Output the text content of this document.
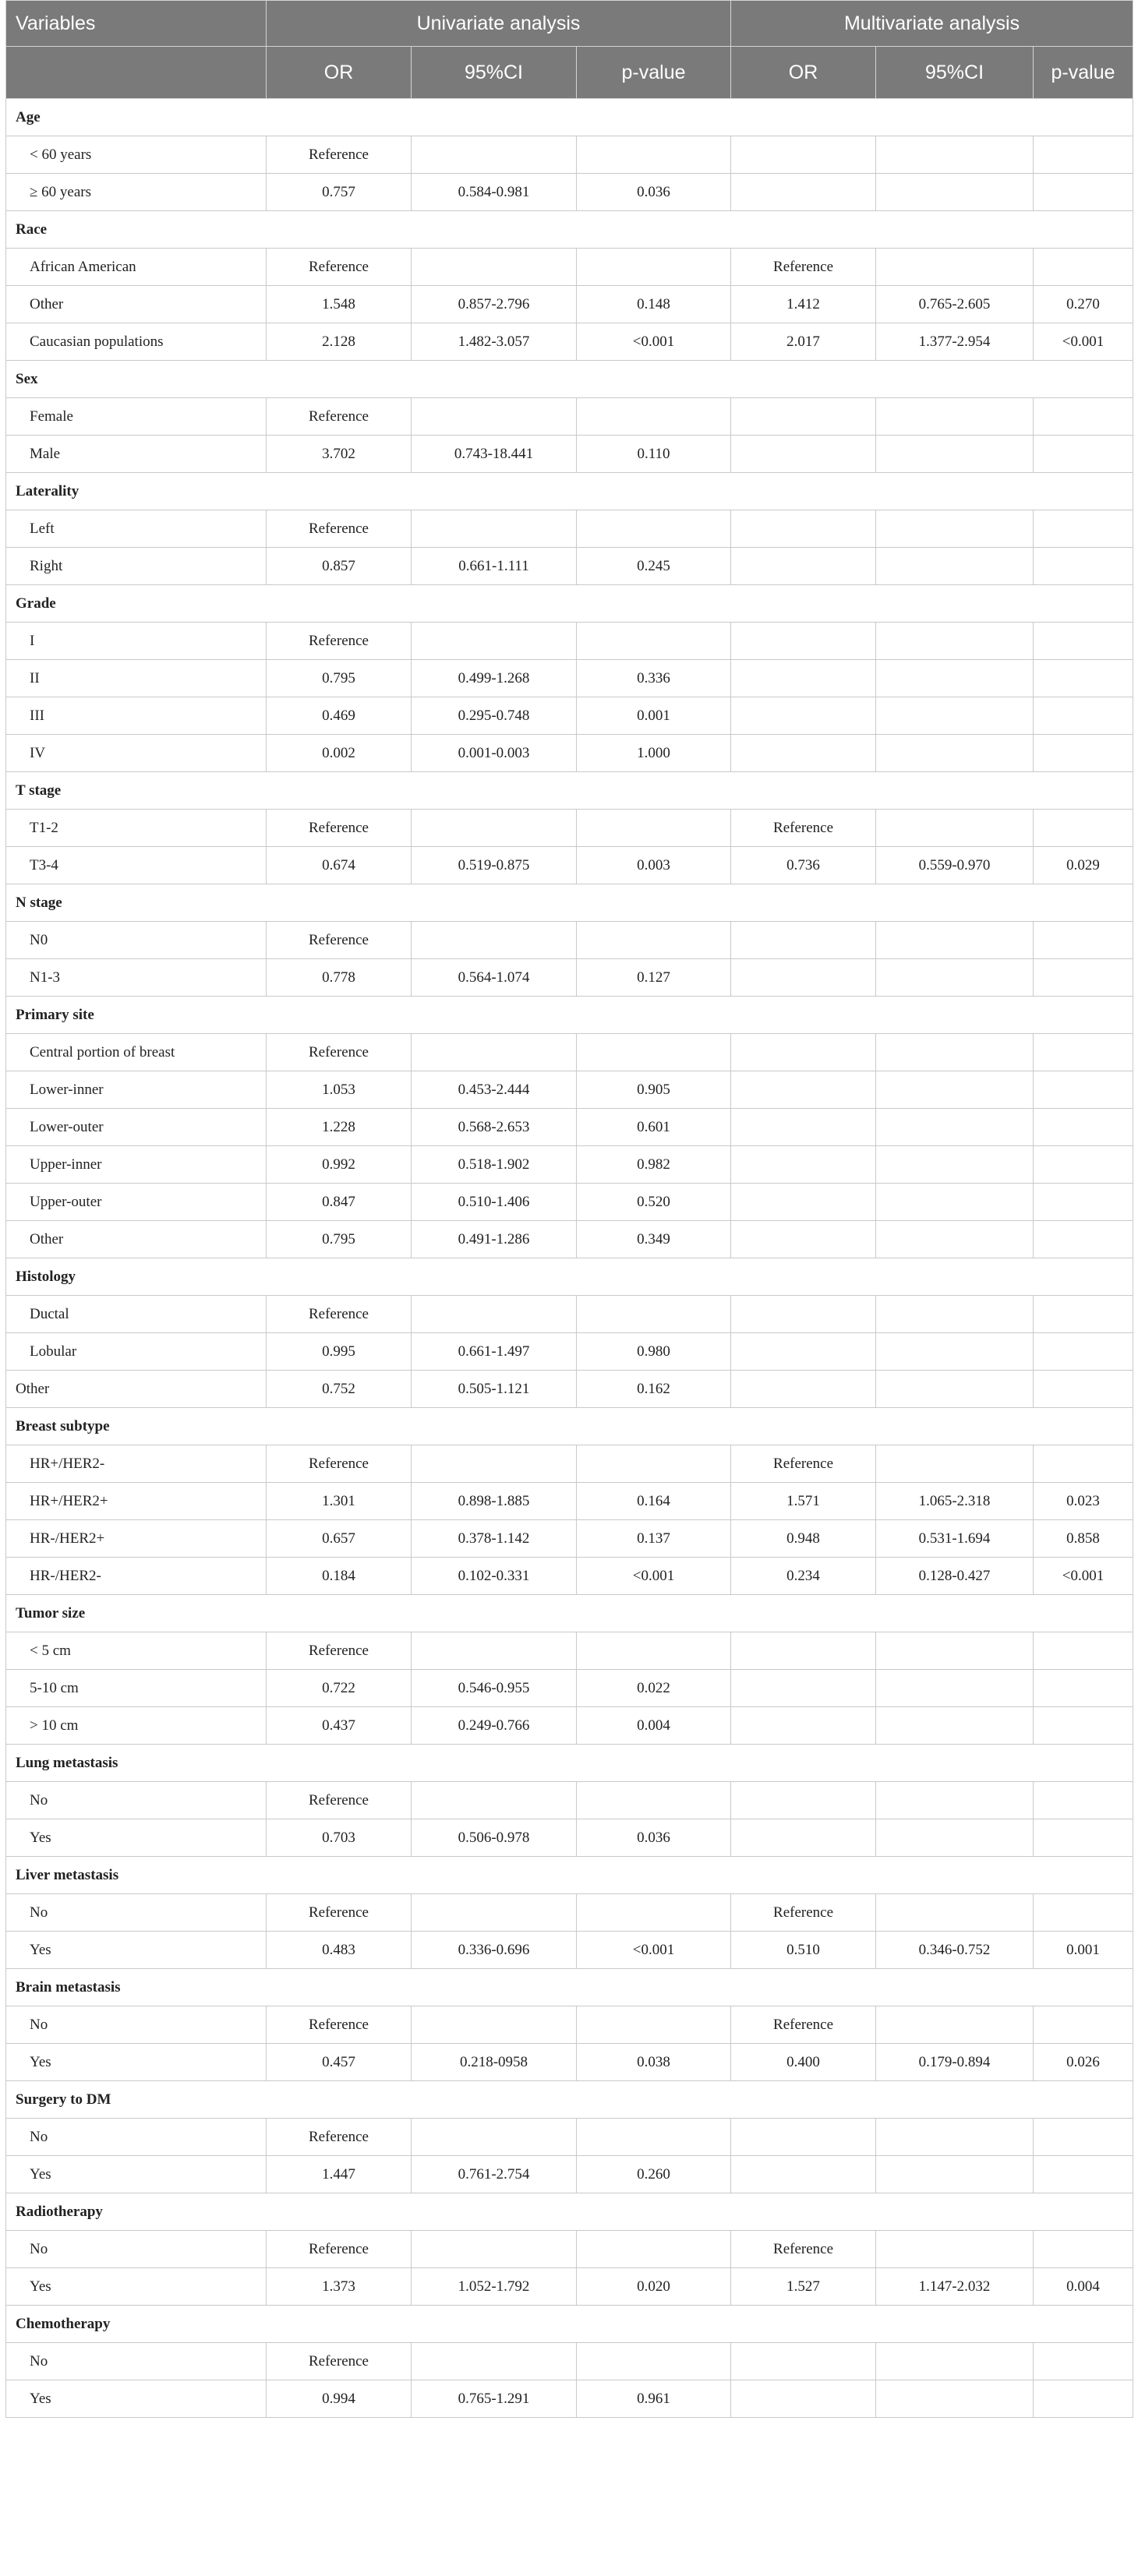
Variables	Univariate analysis			Multivariate analysis		
	OR	95%CI	p-value	OR	95%CI	p-value
Age						
< 60 years	Reference					
≥ 60 years	0.757	0.584-0.981	0.036			
Race						
African American	Reference			Reference		
Other	1.548	0.857-2.796	0.148	1.412	0.765-2.605	0.270
Caucasian populations	2.128	1.482-3.057	<0.001	2.017	1.377-2.954	<0.001
Sex						
Female	Reference					
Male	3.702	0.743-18.441	0.110			
Laterality						
Left	Reference					
Right	0.857	0.661-1.111	0.245			
Grade						
I	Reference					
II	0.795	0.499-1.268	0.336			
III	0.469	0.295-0.748	0.001			
IV	0.002	0.001-0.003	1.000			
T stage						
T1-2	Reference			Reference		
T3-4	0.674	0.519-0.875	0.003	0.736	0.559-0.970	0.029
N stage						
N0	Reference					
N1-3	0.778	0.564-1.074	0.127			
Primary site						
Central portion of breast	Reference					
Lower-inner	1.053	0.453-2.444	0.905			
Lower-outer	1.228	0.568-2.653	0.601			
Upper-inner	0.992	0.518-1.902	0.982			
Upper-outer	0.847	0.510-1.406	0.520			
Other	0.795	0.491-1.286	0.349			
Histology						
Ductal	Reference					
Lobular	0.995	0.661-1.497	0.980			
Other	0.752	0.505-1.121	0.162			
Breast subtype						
HR+/HER2-	Reference			Reference		
HR+/HER2+	1.301	0.898-1.885	0.164	1.571	1.065-2.318	0.023
HR-/HER2+	0.657	0.378-1.142	0.137	0.948	0.531-1.694	0.858
HR-/HER2-	0.184	0.102-0.331	<0.001	0.234	0.128-0.427	<0.001
Tumor size						
< 5 cm	Reference					
5-10 cm	0.722	0.546-0.955	0.022			
> 10 cm	0.437	0.249-0.766	0.004			
Lung metastasis						
No	Reference					
Yes	0.703	0.506-0.978	0.036			
Liver metastasis						
No	Reference			Reference		
Yes	0.483	0.336-0.696	<0.001	0.510	0.346-0.752	0.001
Brain metastasis						
No	Reference			Reference		
Yes	0.457	0.218-0958	0.038	0.400	0.179-0.894	0.026
Surgery to DM						
No	Reference					
Yes	1.447	0.761-2.754	0.260			
Radiotherapy						
No	Reference			Reference		
Yes	1.373	1.052-1.792	0.020	1.527	1.147-2.032	0.004
Chemotherapy						
No	Reference					
Yes	0.994	0.765-1.291	0.961			
